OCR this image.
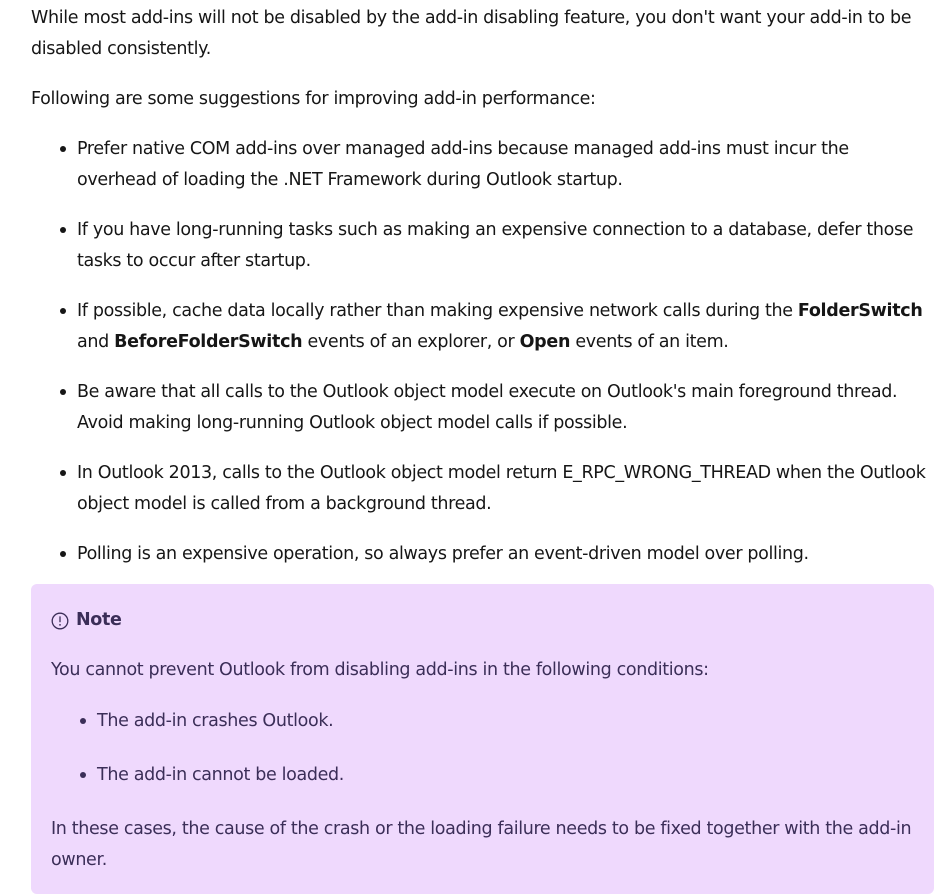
While most add-ins will not be disabled by the add-in disabling feature, you don't want your add-in to be disabled consistently.

Following are some suggestions for improving add-in performance:

Prefer native COM add-ins over managed add-ins because managed add-ins must incur the overhead of loading the .NET Framework during Outlook startup.
If you have long-running tasks such as making an expensive connection to a database, defer those tasks to occur after startup.
If possible, cache data locally rather than making expensive network calls during the FolderSwitch and BeforeFolderSwitch events of an explorer, or Open events of an item.
Be aware that all calls to the Outlook object model execute on Outlook's main foreground thread. Avoid making long-running Outlook object model calls if possible.
In Outlook 2013, calls to the Outlook object model return E_RPC_WRONG_THREAD when the Outlook object model is called from a background thread.
Polling is an expensive operation, so always prefer an event-driven model over polling.
Note

You cannot prevent Outlook from disabling add-ins in the following conditions:

The add-in crashes Outlook.
The add-in cannot be loaded.

In these cases, the cause of the crash or the loading failure needs to be fixed together with the add-in owner.
